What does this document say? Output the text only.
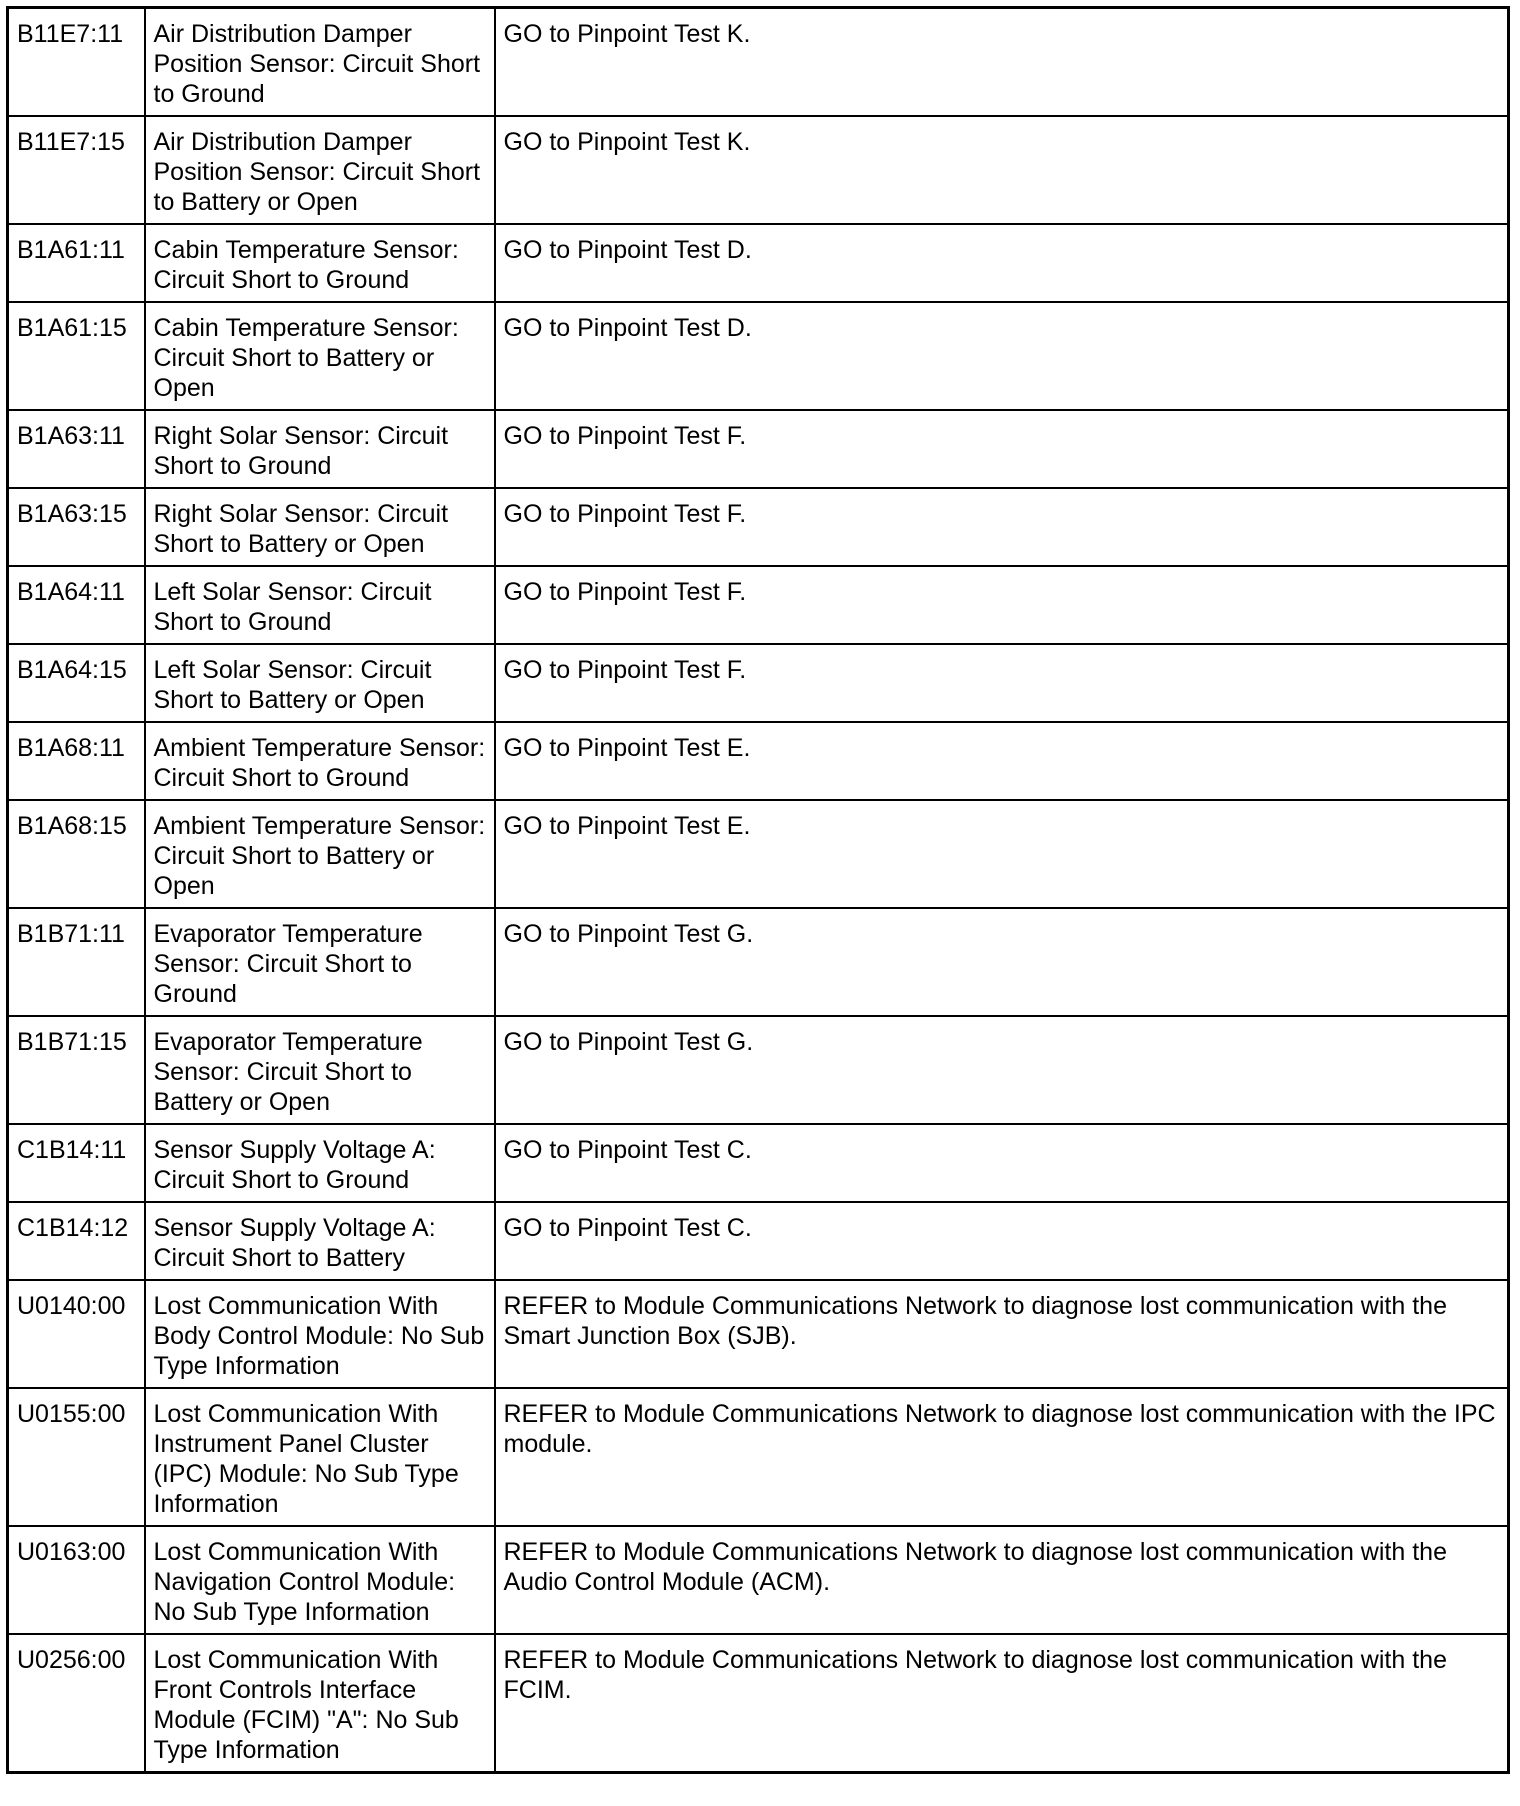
B11E7:11	Air Distribution Damper Position Sensor: Circuit Short to Ground	GO to Pinpoint Test K.
B11E7:15	Air Distribution Damper Position Sensor: Circuit Short to Battery or Open	GO to Pinpoint Test K.
B1A61:11	Cabin Temperature Sensor: Circuit Short to Ground	GO to Pinpoint Test D.
B1A61:15	Cabin Temperature Sensor: Circuit Short to Battery or Open	GO to Pinpoint Test D.
B1A63:11	Right Solar Sensor: Circuit Short to Ground	GO to Pinpoint Test F.
B1A63:15	Right Solar Sensor: Circuit Short to Battery or Open	GO to Pinpoint Test F.
B1A64:11	Left Solar Sensor: Circuit Short to Ground	GO to Pinpoint Test F.
B1A64:15	Left Solar Sensor: Circuit Short to Battery or Open	GO to Pinpoint Test F.
B1A68:11	Ambient Temperature Sensor: Circuit Short to Ground	GO to Pinpoint Test E.
B1A68:15	Ambient Temperature Sensor: Circuit Short to Battery or Open	GO to Pinpoint Test E.
B1B71:11	Evaporator Temperature Sensor: Circuit Short to Ground	GO to Pinpoint Test G.
B1B71:15	Evaporator Temperature Sensor: Circuit Short to Battery or Open	GO to Pinpoint Test G.
C1B14:11	Sensor Supply Voltage A: Circuit Short to Ground	GO to Pinpoint Test C.
C1B14:12	Sensor Supply Voltage A: Circuit Short to Battery	GO to Pinpoint Test C.
U0140:00	Lost Communication With Body Control Module: No Sub Type Information	REFER to Module Communications Network to diagnose lost communication with the Smart Junction Box (SJB).
U0155:00	Lost Communication With Instrument Panel Cluster (IPC) Module: No Sub Type Information	REFER to Module Communications Network to diagnose lost communication with the IPC module.
U0163:00	Lost Communication With Navigation Control Module: No Sub Type Information	REFER to Module Communications Network to diagnose lost communication with the Audio Control Module (ACM).
U0256:00	Lost Communication With Front Controls Interface Module (FCIM) "A": No Sub Type Information	REFER to Module Communications Network to diagnose lost communication with the FCIM.
